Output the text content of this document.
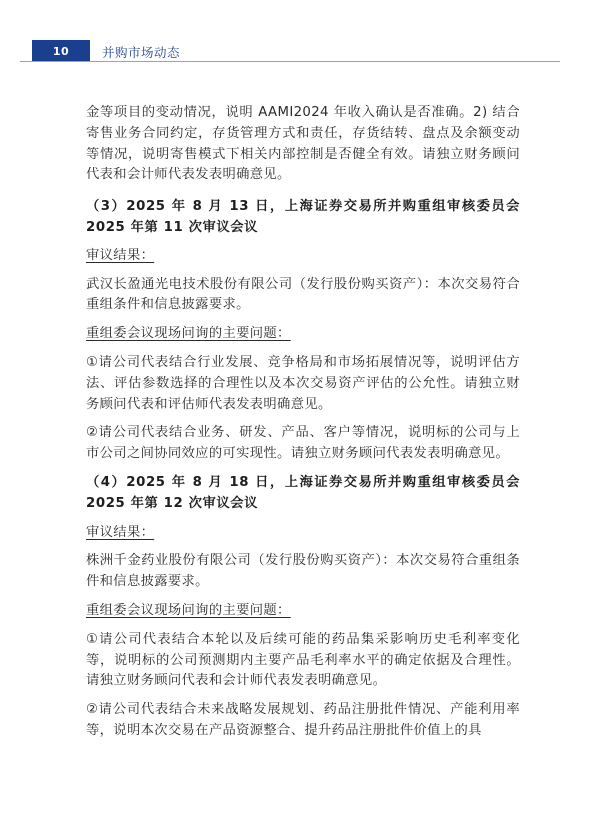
10	并购市场动态

金等项目的变动情况，说明 AAMI2024 年收入确认是否准确。2) 结合寄售业务合同约定，存货管理方式和责任，存货结转、盘点及余额变动等情况，说明寄售模式下相关内部控制是否健全有效。请独立财务顾问代表和会计师代表发表明确意见。

（3）2025 年 8 月 13 日，上海证券交易所并购重组审核委员会 2025 年第 11 次审议会议

审议结果：

武汉长盈通光电技术股份有限公司（发行股份购买资产）：本次交易符合重组条件和信息披露要求。

重组委会议现场问询的主要问题：

①请公司代表结合行业发展、竞争格局和市场拓展情况等，说明评估方法、评估参数选择的合理性以及本次交易资产评估的公允性。请独立财务顾问代表和评估师代表发表明确意见。

②请公司代表结合业务、研发、产品、客户等情况，说明标的公司与上市公司之间协同效应的可实现性。请独立财务顾问代表发表明确意见。

（4）2025 年 8 月 18 日，上海证券交易所并购重组审核委员会 2025 年第 12 次审议会议

审议结果：

株洲千金药业股份有限公司（发行股份购买资产）：本次交易符合重组条件和信息披露要求。

重组委会议现场问询的主要问题：

①请公司代表结合本轮以及后续可能的药品集采影响历史毛利率变化等，说明标的公司预测期内主要产品毛利率水平的确定依据及合理性。请独立财务顾问代表和会计师代表发表明确意见。

②请公司代表结合未来战略发展规划、药品注册批件情况、产能利用率等，说明本次交易在产品资源整合、提升药品注册批件价值上的具
